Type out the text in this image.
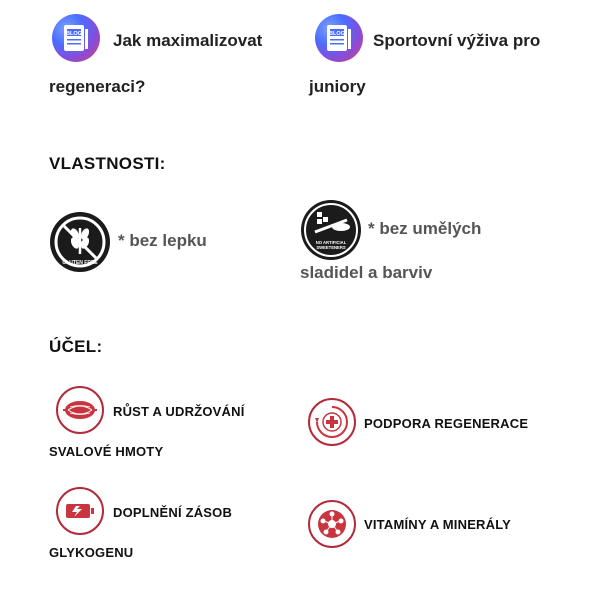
BLOG Jak maximalizovat
regeneraci?
BLOG Sportovní výživa pro
juniory
VLASTNOSTI:
GLUTEN FREE
* bez lepku	NO ARTIFICIAL
SWEETENERS
* bez umělých
sladidel a barviv
ÚČEL:
RŮST A UDRŽOVÁNÍ
SVALOVÉ HMOTY
PODPORA REGENERACE
DOPLNĚNÍ ZÁSOB
GLYKOGENU
VITAMÍNY A MINERÁLY
